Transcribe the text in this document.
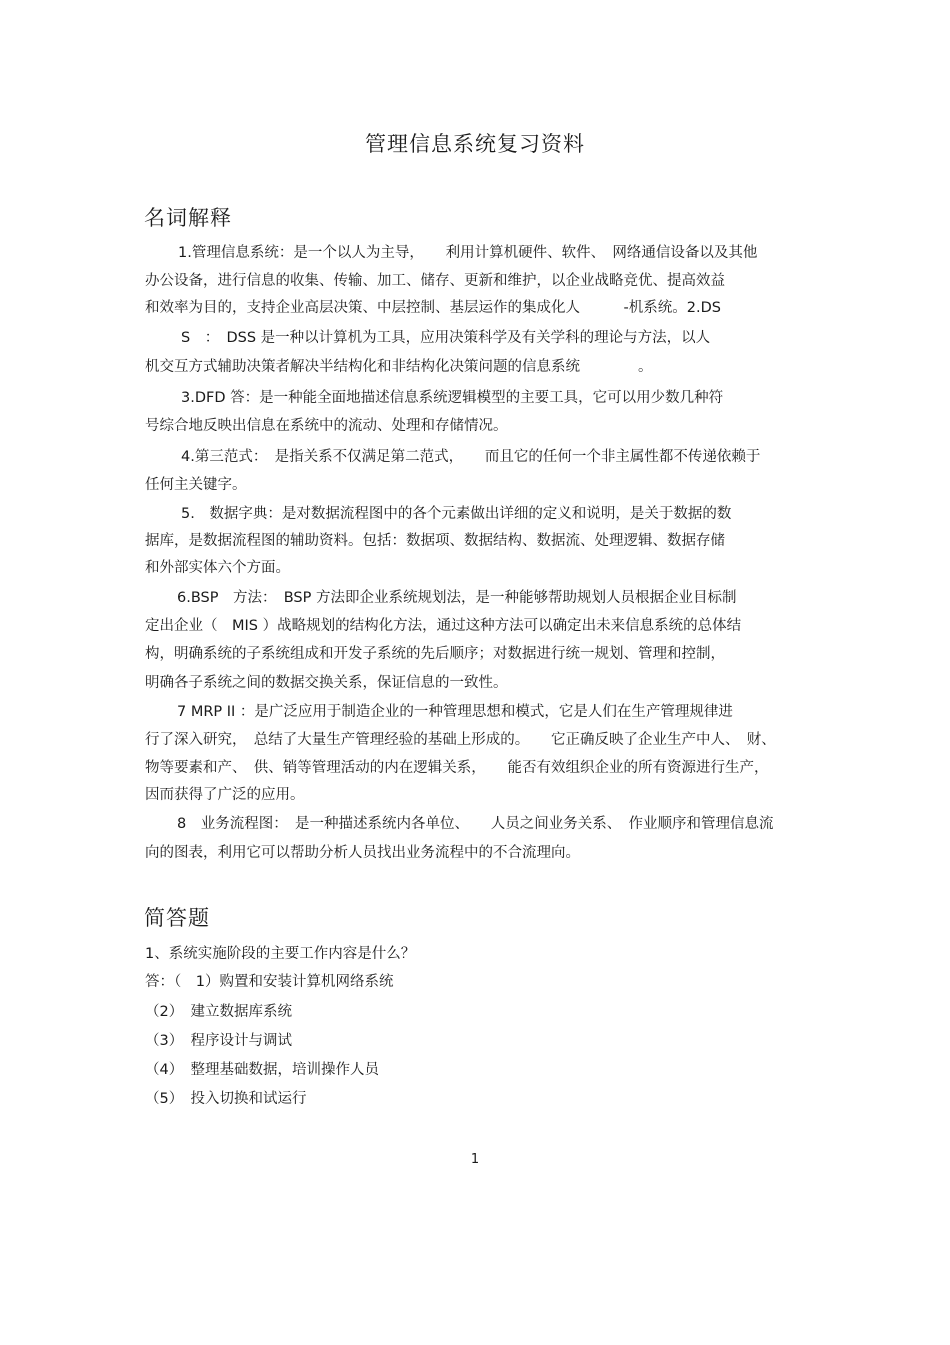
管理信息系统复习资料
名词解释
1.管理信息系统：是一个以人为主导，　　利用计算机硬件、软件、　网络通信设备以及其他
办公设备，进行信息的收集、传输、加工、储存、更新和维护，以企业战略竞优、提高效益
和效率为目的，支持企业高层决策、中层控制、基层运作的集成化人　　　-机系统。2.DS
S　：　DSS 是一种以计算机为工具，应用决策科学及有关学科的理论与方法，以人
机交互方式辅助决策者解决半结构化和非结构化决策问题的信息系统　　　　。
3.DFD 答：是一种能全面地描述信息系统逻辑模型的主要工具，它可以用少数几种符
号综合地反映出信息在系统中的流动、处理和存储情况。
4.第三范式：　是指关系不仅满足第二范式，　　而且它的任何一个非主属性都不传递依赖于
任何主关键字。
5.　数据字典：是对数据流程图中的各个元素做出详细的定义和说明，是关于数据的数
据库，是数据流程图的辅助资料。包括：数据项、数据结构、数据流、处理逻辑、数据存储
和外部实体六个方面。
6.BSP　方法：　BSP 方法即企业系统规划法，是一种能够帮助规划人员根据企业目标制
定出企业（　MIS ）战略规划的结构化方法，通过这种方法可以确定出未来信息系统的总体结
构，明确系统的子系统组成和开发子系统的先后顺序；对数据进行统一规划、管理和控制，
明确各子系统之间的数据交换关系，保证信息的一致性。
7 MRP II ：是广泛应用于制造企业的一种管理思想和模式，它是人们在生产管理规律进
行了深入研究，　总结了大量生产管理经验的基础上形成的。　　它正确反映了企业生产中人、　财、
物等要素和产、　供、销等管理活动的内在逻辑关系，　　能否有效组织企业的所有资源进行生产，
因而获得了广泛的应用。
8　业务流程图：　是一种描述系统内各单位、　　人员之间业务关系、　作业顺序和管理信息流
向的图表，利用它可以帮助分析人员找出业务流程中的不合流理向。
简答题
1、系统实施阶段的主要工作内容是什么？
答：（　1）购置和安装计算机网络系统
（2）　建立数据库系统
（3）　程序设计与调试
（4）　整理基础数据，培训操作人员
（5）　投入切换和试运行
1
